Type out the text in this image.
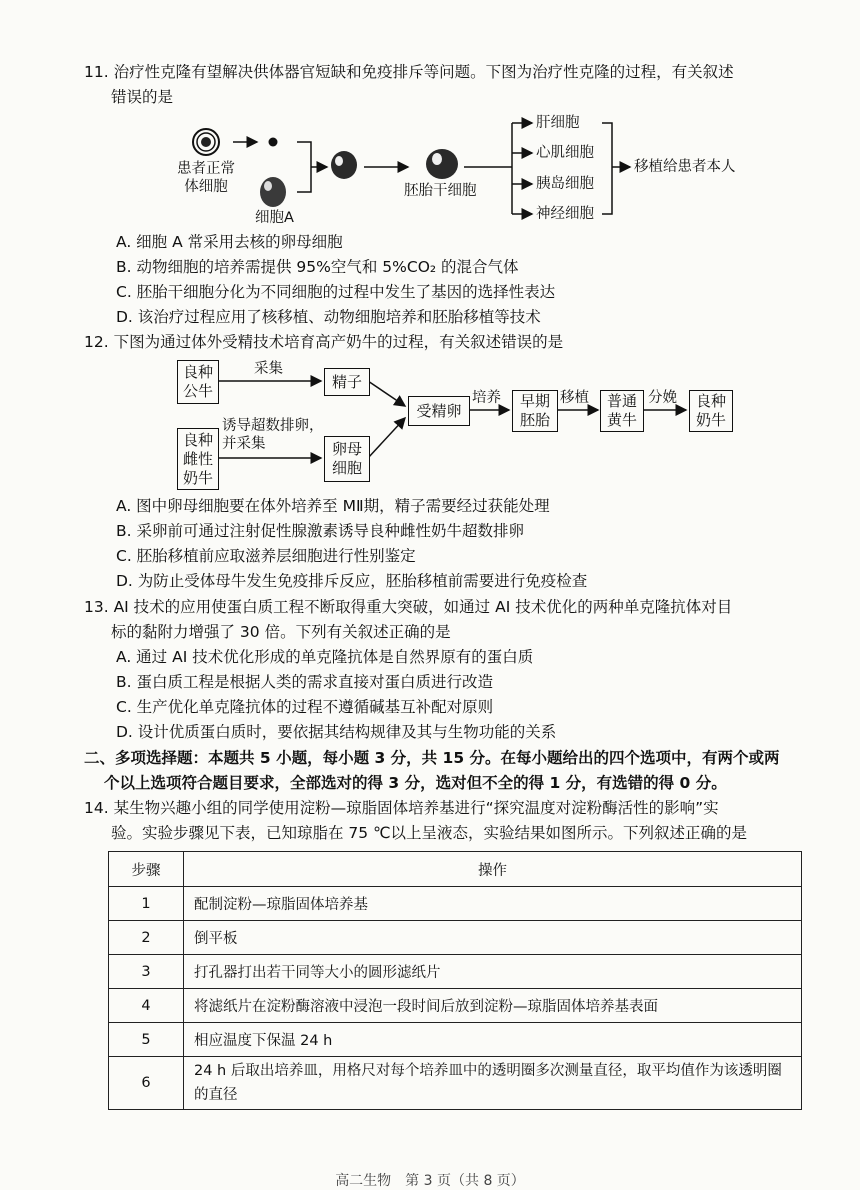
11. 治疗性克隆有望解决供体器官短缺和免疫排斥等问题。下图为治疗性克隆的过程，有关叙述

错误的是

患者正常
体细胞
细胞A
胚胎干细胞
肝细胞
心肌细胞
胰岛细胞
神经细胞
移植给患者本人
A. 细胞 A 常采用去核的卵母细胞
B. 动物细胞的培养需提供 95%空气和 5%CO₂ 的混合气体
C. 胚胎干细胞分化为不同细胞的过程中发生了基因的选择性表达
D. 该治疗过程应用了核移植、动物细胞培养和胚胎移植等技术
12. 下图为通过体外受精技术培育高产奶牛的过程，有关叙述错误的是
良种
公牛
采集
精子
良种
雌性
奶牛
诱导超数排卵，
并采集	卵母
细胞
受精卵
培养 早期
胚胎
移植 普通
黄牛
分娩 良种
奶牛
A. 图中卵母细胞要在体外培养至 MⅡ期，精子需要经过获能处理
B. 采卵前可通过注射促性腺激素诱导良种雌性奶牛超数排卵
C. 胚胎移植前应取滋养层细胞进行性别鉴定
D. 为防止受体母牛发生免疫排斥反应，胚胎移植前需要进行免疫检查

13. AI 技术的应用使蛋白质工程不断取得重大突破，如通过 AI 技术优化的两种单克隆抗体对目

标的黏附力增强了 30 倍。下列有关叙述正确的是

A. 通过 AI 技术优化形成的单克隆抗体是自然界原有的蛋白质
B. 蛋白质工程是根据人类的需求直接对蛋白质进行改造
C. 生产优化单克隆抗体的过程不遵循碱基互补配对原则
D. 设计优质蛋白质时，要依据其结构规律及其与生物功能的关系

二、多项选择题：本题共 5 小题，每小题 3 分，共 15 分。在每小题给出的四个选项中，有两个或两

个以上选项符合题目要求，全部选对的得 3 分，选对但不全的得 1 分，有选错的得 0 分。

14. 某生物兴趣小组的同学使用淀粉—琼脂固体培养基进行“探究温度对淀粉酶活性的影响”实

验。实验步骤见下表，已知琼脂在 75 ℃以上呈液态，实验结果如图所示。下列叙述正确的是

步骤	操作
1	配制淀粉—琼脂固体培养基
2	倒平板
3	打孔器打出若干同等大小的圆形滤纸片
4	将滤纸片在淀粉酶溶液中浸泡一段时间后放到淀粉—琼脂固体培养基表面
5	相应温度下保温 24 h
6	24 h 后取出培养皿，用格尺对每个培养皿中的透明圈多次测量直径，取平均值作为该透明圈的直径
高二生物　第 3 页（共 8 页）
